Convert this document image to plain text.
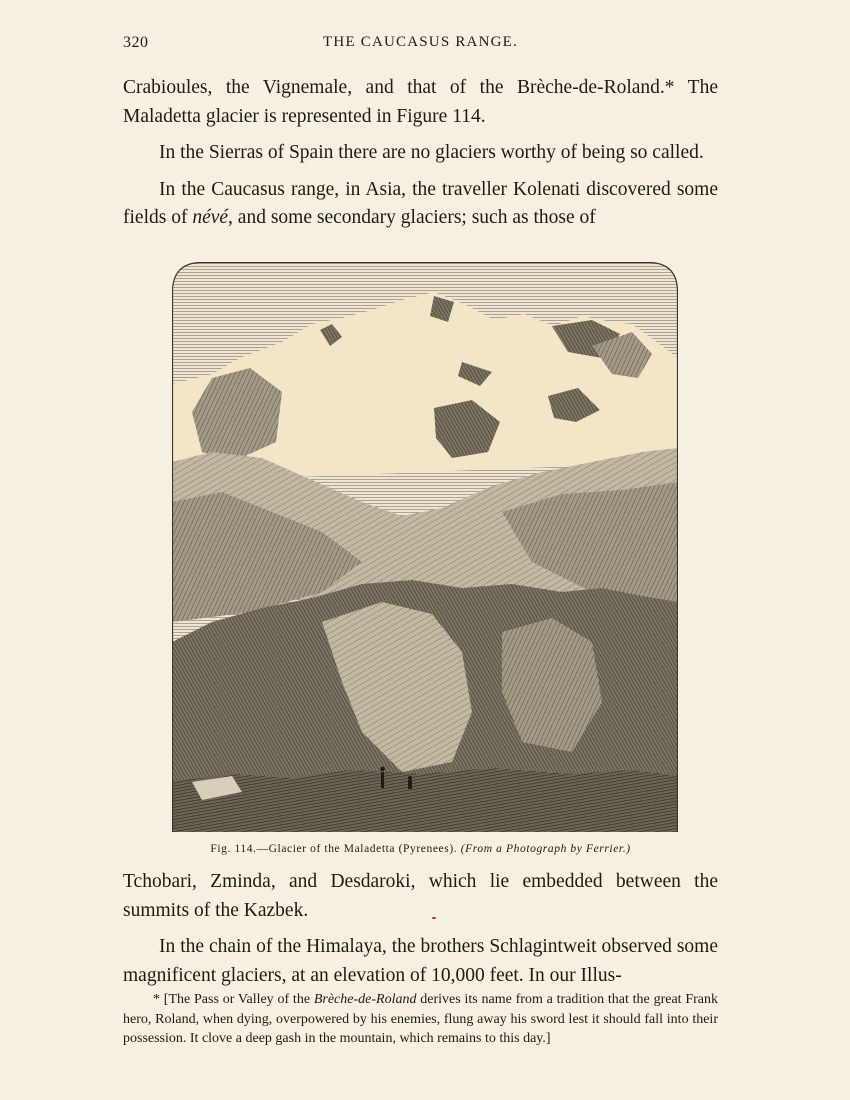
320	THE CAUCASUS RANGE.

Crabioules, the Vignemale, and that of the Brèche-de-Roland.* The Maladetta glacier is represented in Figure 114.

In the Sierras of Spain there are no glaciers worthy of being so called.

In the Caucasus range, in Asia, the traveller Kolenati discovered some fields of névé, and some secondary glaciers; such as those of

Fig. 114.—Glacier of the Maladetta (Pyrenees). (From a Photograph by Ferrier.)

Tchobari, Zminda, and Desdaroki, which lie embedded between the summits of the Kazbek.

In the chain of the Himalaya, the brothers Schlagintweit observed some magnificent glaciers, at an elevation of 10,000 feet. In our Illus-

* [The Pass or Valley of the Brèche-de-Roland derives its name from a tradition that the great Frank hero, Roland, when dying, overpowered by his enemies, flung away his sword lest it should fall into their possession. It clove a deep gash in the mountain, which remains to this day.]
